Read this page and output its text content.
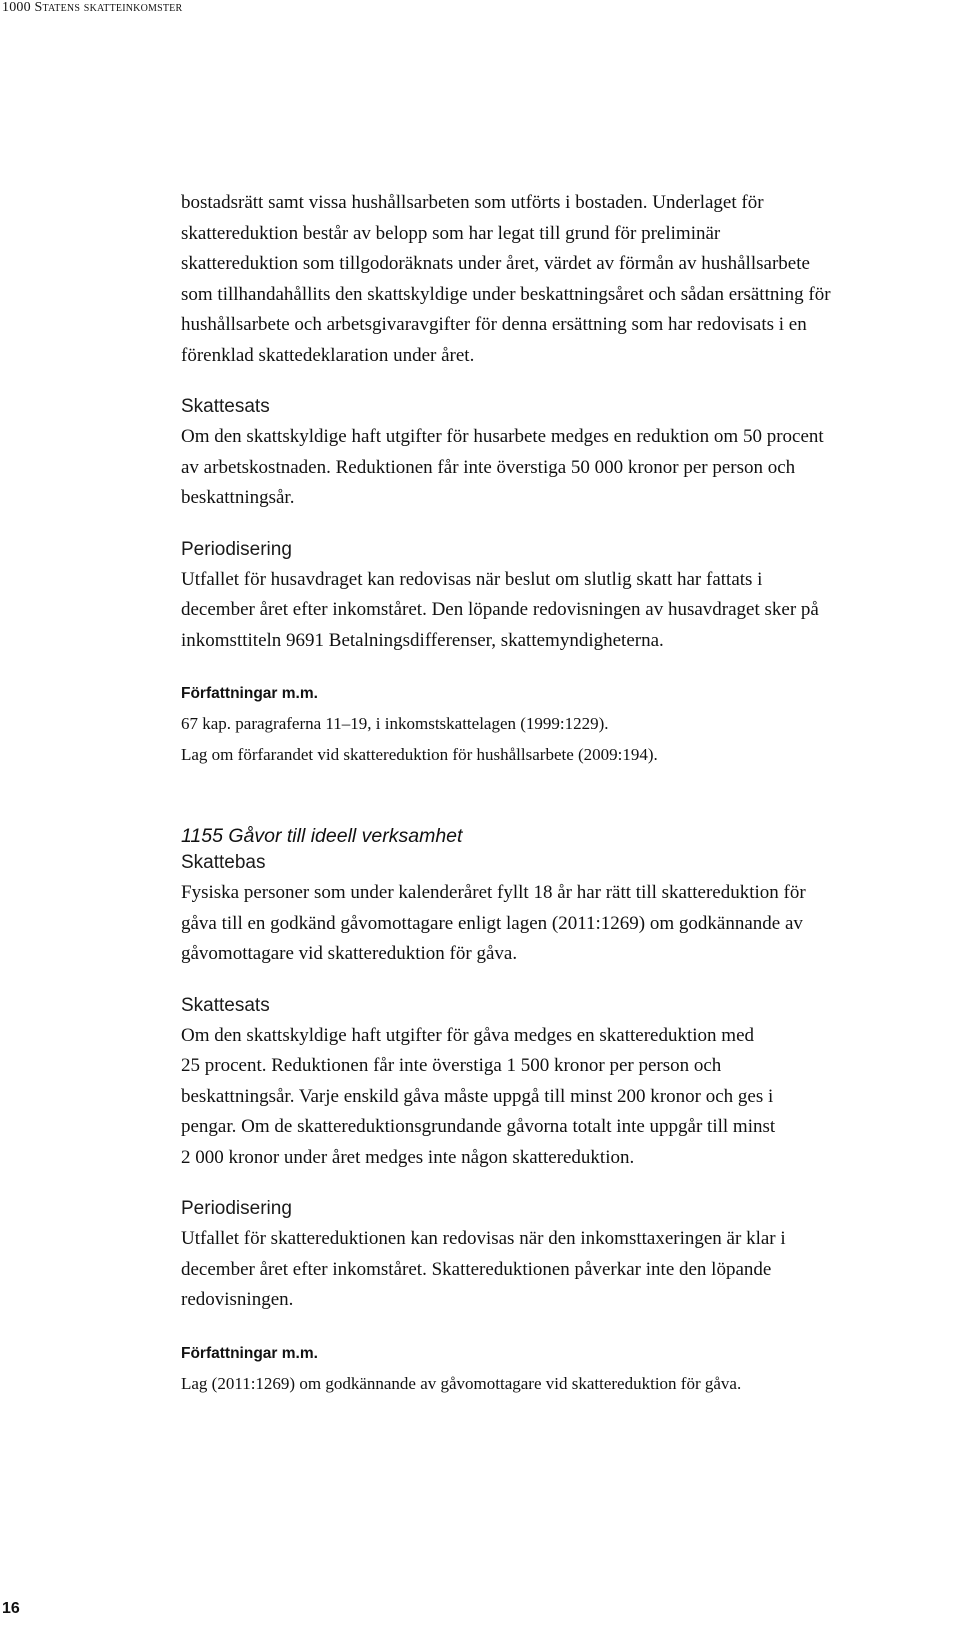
1000 Statens skatteinkomster
bostadsrätt samt vissa hushållsarbeten som utförts i bostaden. Underlaget för
skattereduktion består av belopp som har legat till grund för preliminär
skattereduktion som tillgodoräknats under året, värdet av förmån av hushållsarbete
som tillhandahållits den skattskyldige under beskattningsåret och sådan ersättning för
hushållsarbete och arbetsgivaravgifter för denna ersättning som har redovisats i en
förenklad skattedeklaration under året.
Skattesats
Om den skattskyldige haft utgifter för husarbete medges en reduktion om 50 procent
av arbetskostnaden. Reduktionen får inte överstiga 50 000 kronor per person och
beskattningsår.
Periodisering
Utfallet för husavdraget kan redovisas när beslut om slutlig skatt har fattats i
december året efter inkomståret. Den löpande redovisningen av husavdraget sker på
inkomsttiteln 9691 Betalningsdifferenser, skattemyndigheterna.
Författningar m.m.
67 kap. paragraferna 11–19, i inkomstskattelagen (1999:1229).
Lag om förfarandet vid skattereduktion för hushållsarbete (2009:194).
1155 Gåvor till ideell verksamhet
Skattebas
Fysiska personer som under kalenderåret fyllt 18 år har rätt till skattereduktion för
gåva till en godkänd gåvomottagare enligt lagen (2011:1269) om godkännande av
gåvomottagare vid skattereduktion för gåva.
Skattesats
Om den skattskyldige haft utgifter för gåva medges en skattereduktion med
25 procent. Reduktionen får inte överstiga 1 500 kronor per person och
beskattningsår. Varje enskild gåva måste uppgå till minst 200 kronor och ges i
pengar. Om de skattereduktionsgrundande gåvorna totalt inte uppgår till minst
2 000 kronor under året medges inte någon skattereduktion.
Periodisering
Utfallet för skattereduktionen kan redovisas när den inkomsttaxeringen är klar i
december året efter inkomståret. Skattereduktionen påverkar inte den löpande
redovisningen.
Författningar m.m.
Lag (2011:1269) om godkännande av gåvomottagare vid skattereduktion för gåva.
16
